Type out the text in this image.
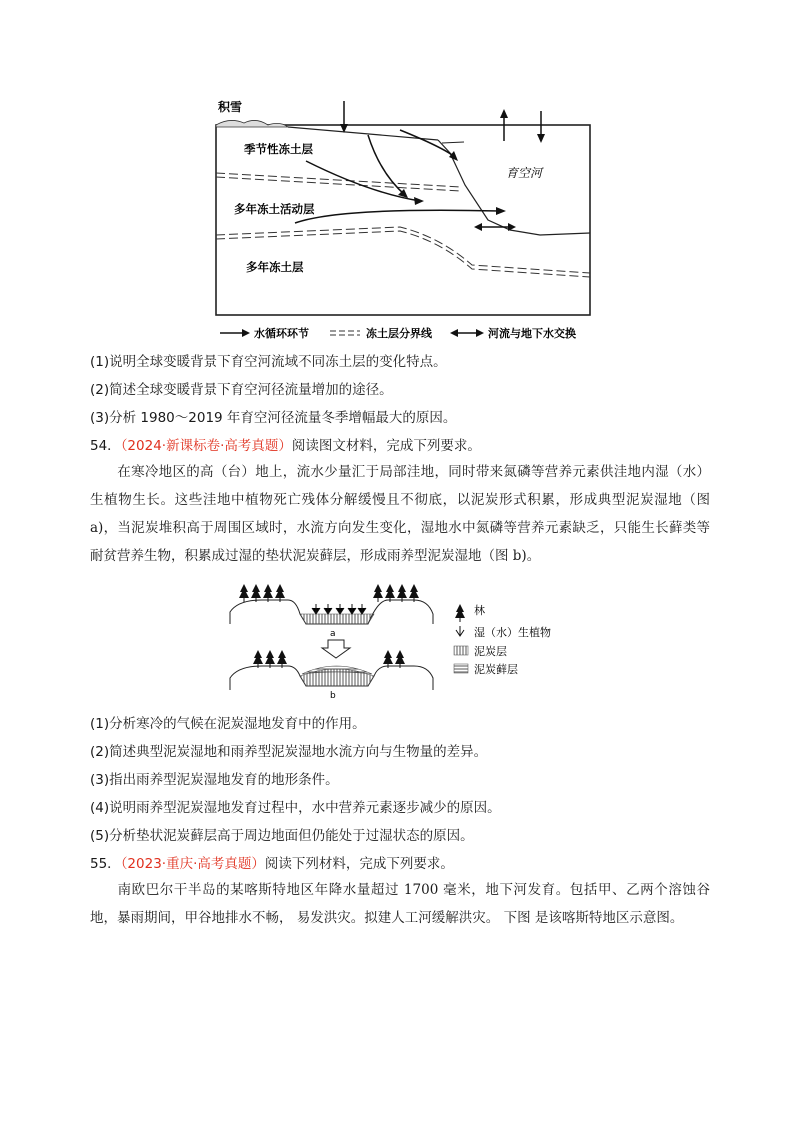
积雪
季节性冻土层
多年冻土活动层
多年冻土层
育空河
水循环环节	冻土层分界线	河流与地下水交换
(1)说明全球变暖背景下育空河流域不同冻土层的变化特点。
(2)简述全球变暖背景下育空河径流量增加的途径。
(3)分析 1980～2019 年育空河径流量冬季增幅最大的原因。
54．（2024·新课标卷·高考真题）阅读图文材料，完成下列要求。
在寒冷地区的高（台）地上，流水少量汇于局部洼地，同时带来氮磷等营养元素供洼地内湿（水）生植物生长。这些洼地中植物死亡残体分解缓慢且不彻底，以泥炭形式积累，形成典型泥炭湿地（图 a)，当泥炭堆积高于周围区域时，水流方向发生变化，湿地水中氮磷等营养元素缺乏，只能生长藓类等耐贫营养生物，积累成过湿的垫状泥炭藓层，形成雨养型泥炭湿地（图 b)。
a
b
林
湿（水）生植物
泥炭层
泥炭藓层
(1)分析寒冷的气候在泥炭湿地发育中的作用。
(2)简述典型泥炭湿地和雨养型泥炭湿地水流方向与生物量的差异。
(3)指出雨养型泥炭湿地发育的地形条件。
(4)说明雨养型泥炭湿地发育过程中，水中营养元素逐步减少的原因。
(5)分析垫状泥炭藓层高于周边地面但仍能处于过湿状态的原因。
55．（2023·重庆·高考真题）阅读下列材料，完成下列要求。
南欧巴尔干半岛的某喀斯特地区年降水量超过 1700 毫米，地下河发育。包括甲、乙两个溶蚀谷地，暴雨期间，甲谷地排水不畅， 易发洪灾。拟建人工河缓解洪灾。 下图 是该喀斯特地区示意图。
